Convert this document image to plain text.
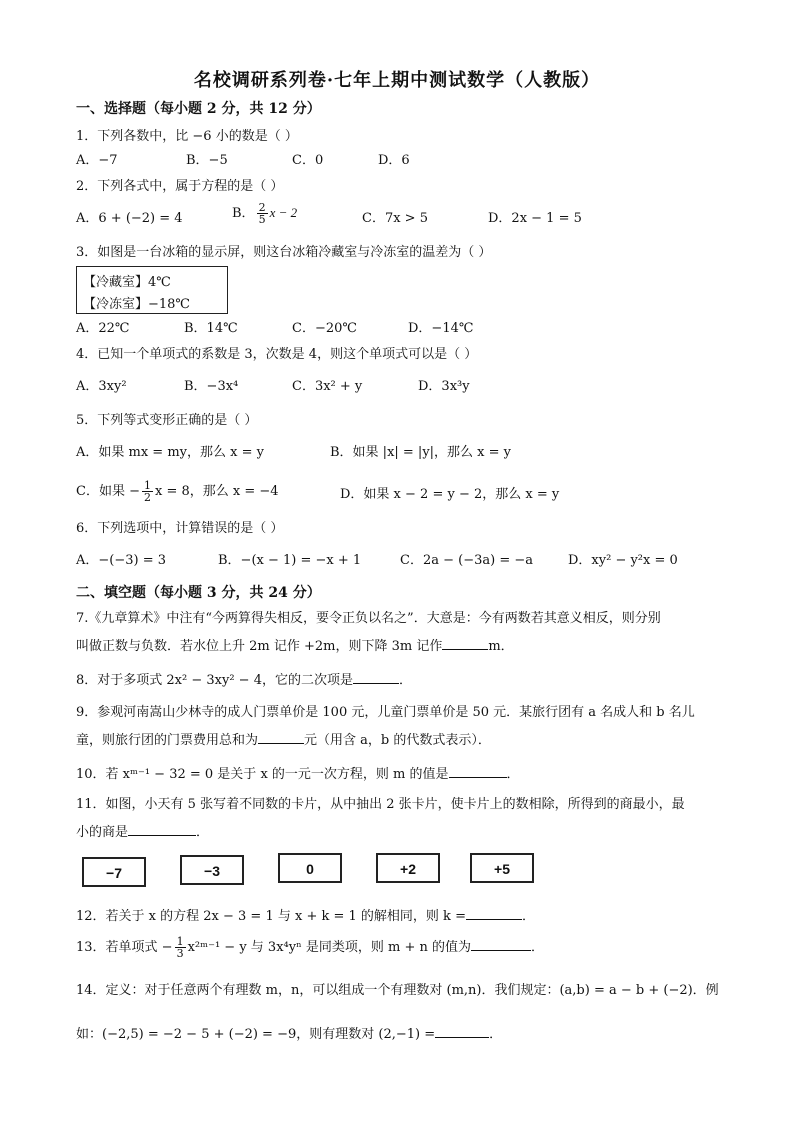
名校调研系列卷·七年上期中测试数学（人教版）
一、选择题（每小题 2 分，共 12 分）
1．下列各数中，比 −6 小的数是（ ）
A．−7	B．−5	C．0	D．6
2．下列各式中，属于方程的是（ ）
A．6 + (−2) = 4	B． $\frac{2}{5}$ x − 2	C．7x > 5	D．2x − 1 = 5
3．如图是一台冰箱的显示屏，则这台冰箱冷藏室与冷冻室的温差为（ ）
【冷藏室】4℃
【冷冻室】−18℃
A．22℃	B．14℃	C．−20℃	D．−14℃
4．已知一个单项式的系数是 3，次数是 4，则这个单项式可以是（ ）
A．3xy²	B．−3x⁴	C．3x² + y	D．3x³y
5．下列等式变形正确的是（ ）
A．如果 mx = my，那么 x = y	B．如果 |x| = |y|，那么 x = y
C．如果 − $\frac{1}{2}$ x = 8，那么 x = −4	D．如果 x − 2 = y − 2，那么 x = y
6．下列选项中，计算错误的是（ ）
A．−(−3) = 3	B．−(x − 1) = −x + 1	C．2a − (−3a) = −a	D．xy² − y²x = 0
二、填空题（每小题 3 分，共 24 分）
7.《九章算术》中注有“今两算得失相反，要令正负以名之”．大意是：今有两数若其意义相反，则分别
叫做正数与负数．若水位上升 2m 记作 +2m，则下降 3m 记作	m．
8．对于多项式 2x² − 3xy² − 4，它的二次项是	．
9．参观河南嵩山少林寺的成人门票单价是 100 元，儿童门票单价是 50 元．某旅行团有 a 名成人和 b 名儿
童，则旅行团的门票费用总和为	元（用含 a，b 的代数式表示）．
10．若 xᵐ⁻¹ − 32 = 0 是关于 x 的一元一次方程，则 m 的值是	．
11．如图，小天有 5 张写着不同数的卡片，从中抽出 2 张卡片，使卡片上的数相除，所得到的商最小，最
小的商是	．
−7	−3	0	+2	+5
12．若关于 x 的方程 2x − 3 = 1 与 x + k = 1 的解相同，则 k =	．
13．若单项式 − $\frac{1}{3}$ x²ᵐ⁻¹ − y 与 3x⁴yⁿ 是同类项，则 m + n 的值为	．
14．定义：对于任意两个有理数 m，n，可以组成一个有理数对 (m,n)．我们规定：(a,b) = a − b + (−2)．例
如：(−2,5) = −2 − 5 + (−2) = −9，则有理数对 (2,−1) =	．
